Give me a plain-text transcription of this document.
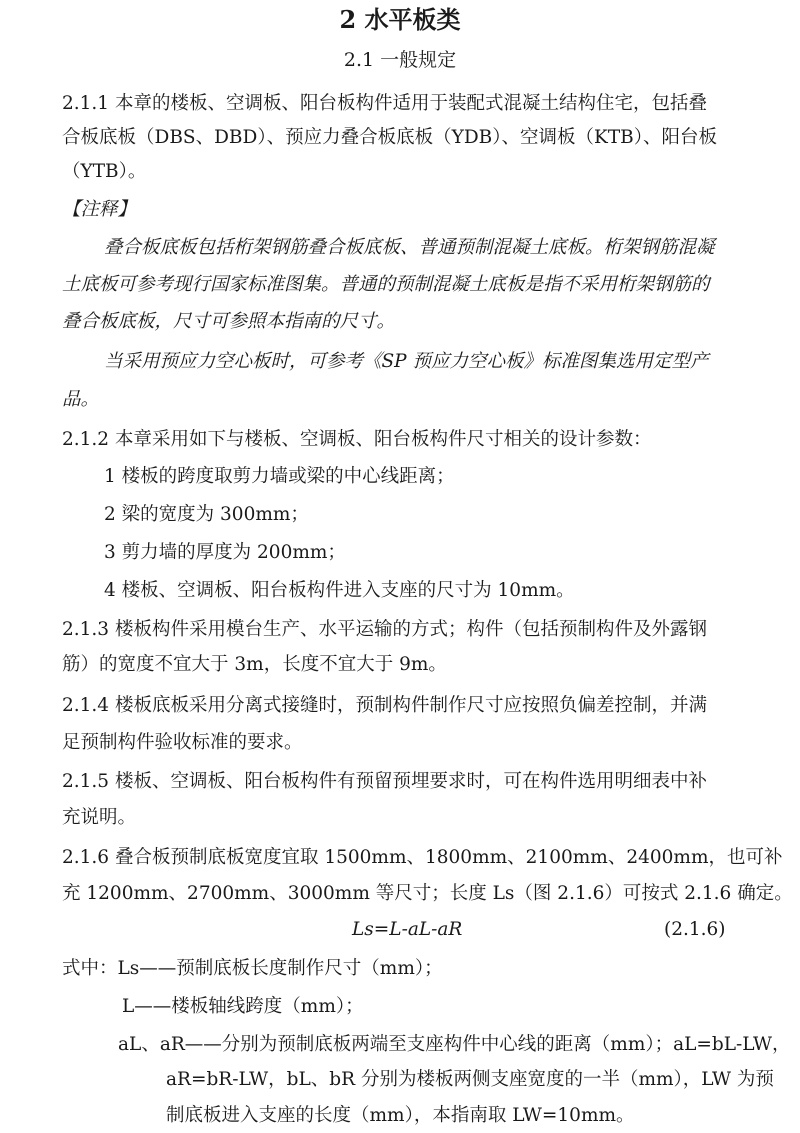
2 水平板类
2.1 一般规定
2.1.1 本章的楼板、空调板、阳台板构件适用于装配式混凝土结构住宅，包括叠
合板底板（DBS、DBD）、预应力叠合板底板（YDB）、空调板（KTB）、阳台板
（YTB）。
【注释】
叠合板底板包括桁架钢筋叠合板底板、普通预制混凝土底板。桁架钢筋混凝
土底板可参考现行国家标准图集。普通的预制混凝土底板是指不采用桁架钢筋的
叠合板底板，尺寸可参照本指南的尺寸。
当采用预应力空心板时，可参考《SP 预应力空心板》标准图集选用定型产
品。
2.1.2 本章采用如下与楼板、空调板、阳台板构件尺寸相关的设计参数：
1 楼板的跨度取剪力墙或梁的中心线距离；
2 梁的宽度为 300mm；
3 剪力墙的厚度为 200mm；
4 楼板、空调板、阳台板构件进入支座的尺寸为 10mm。
2.1.3 楼板构件采用模台生产、水平运输的方式；构件（包括预制构件及外露钢
筋）的宽度不宜大于 3m，长度不宜大于 9m。
2.1.4 楼板底板采用分离式接缝时，预制构件制作尺寸应按照负偏差控制，并满
足预制构件验收标准的要求。
2.1.5 楼板、空调板、阳台板构件有预留预埋要求时，可在构件选用明细表中补
充说明。
2.1.6 叠合板预制底板宽度宜取 1500mm、1800mm、2100mm、2400mm，也可补
充 1200mm、2700mm、3000mm 等尺寸；长度 Ls（图 2.1.6）可按式 2.1.6 确定。
Ls=L-aL-aR	(2.1.6)
式中：Ls——预制底板长度制作尺寸（mm）；
L——楼板轴线跨度（mm）；
aL、aR——分别为预制底板两端至支座构件中心线的距离（mm）；aL=bL-LW，
aR=bR-LW，bL、bR 分别为楼板两侧支座宽度的一半（mm），LW 为预
制底板进入支座的长度（mm），本指南取 LW=10mm。
